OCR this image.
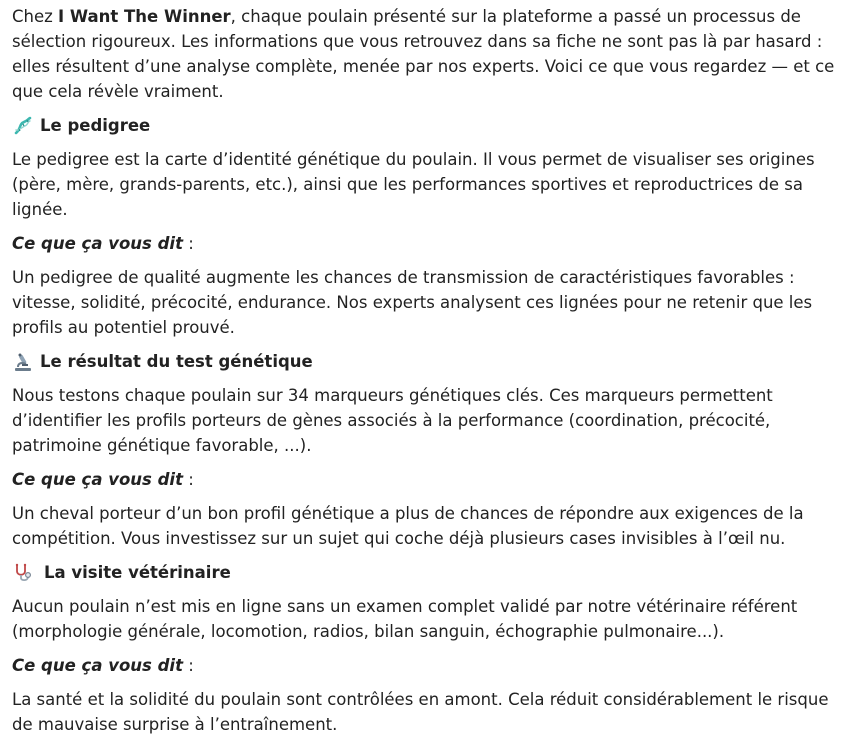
Chez I Want The Winner, chaque poulain présenté sur la plateforme a passé un processus de sélection rigoureux. Les informations que vous retrouvez dans sa fiche ne sont pas là par hasard : elles résultent d’une analyse complète, menée par nos experts. Voici ce que vous regardez — et ce que cela révèle vraiment.

Le pedigree

Le pedigree est la carte d’identité génétique du poulain. Il vous permet de visualiser ses origines (père, mère, grands-parents, etc.), ainsi que les performances sportives et reproductrices de sa lignée.

Ce que ça vous dit :

Un pedigree de qualité augmente les chances de transmission de caractéristiques favorables : vitesse, solidité, précocité, endurance. Nos experts analysent ces lignées pour ne retenir que les profils au potentiel prouvé.

Le résultat du test génétique

Nous testons chaque poulain sur 34 marqueurs génétiques clés. Ces marqueurs permettent d’identifier les profils porteurs de gènes associés à la performance (coordination, précocité, patrimoine génétique favorable, ...).

Ce que ça vous dit :

Un cheval porteur d’un bon profil génétique a plus de chances de répondre aux exigences de la compétition. Vous investissez sur un sujet qui coche déjà plusieurs cases invisibles à l’œil nu.

La visite vétérinaire

Aucun poulain n’est mis en ligne sans un examen complet validé par notre vétérinaire référent (morphologie générale, locomotion, radios, bilan sanguin, échographie pulmonaire...).

Ce que ça vous dit :

La santé et la solidité du poulain sont contrôlées en amont. Cela réduit considérablement le risque de mauvaise surprise à l’entraînement.
